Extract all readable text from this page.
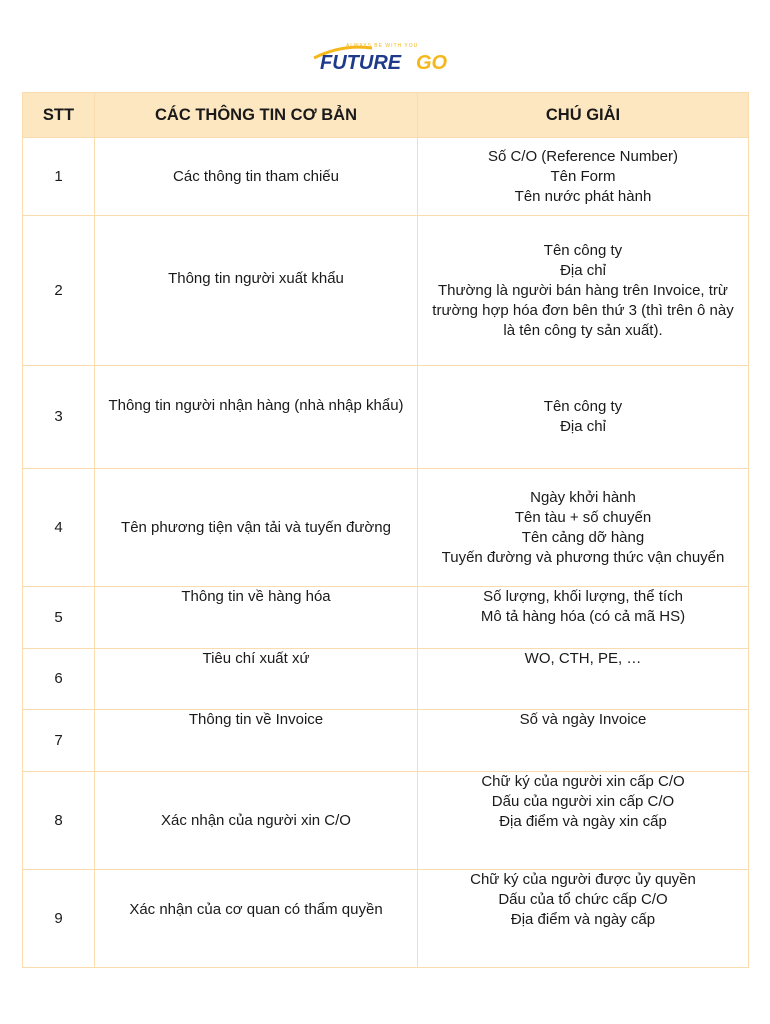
ALWAYS BE WITH YOU
FUTURE GO
STT	CÁC THÔNG TIN CƠ BẢN	CHÚ GIẢI
1	Các thông tin tham chiếu	Số C/O (Reference Number)
Tên Form
Tên nước phát hành

2	Thông tin người xuất khẩu	Tên công ty
Địa chỉ
Thường là người bán hàng trên Invoice, trừ trường hợp hóa đơn bên thứ 3 (thì trên ô này là tên công ty sản xuất).

3	Thông tin người nhận hàng (nhà nhập khẩu)	Tên công ty
Địa chỉ

4	Tên phương tiện vận tải và tuyến đường	Ngày khởi hành
Tên tàu + số chuyến
Tên cảng dỡ hàng
Tuyến đường và phương thức vận chuyển

5	Thông tin về hàng hóa	Số lượng, khối lượng, thể tích
Mô tả hàng hóa (có cả mã HS)

6	Tiêu chí xuất xứ	WO, CTH, PE, …

7	Thông tin về Invoice	Số và ngày Invoice

8	Xác nhận của người xin C/O	Chữ ký của người xin cấp C/O
Dấu của người xin cấp C/O
Địa điểm và ngày xin cấp

9	Xác nhận của cơ quan có thẩm quyền	Chữ ký của người được ủy quyền
Dấu của tổ chức cấp C/O
Địa điểm và ngày cấp
